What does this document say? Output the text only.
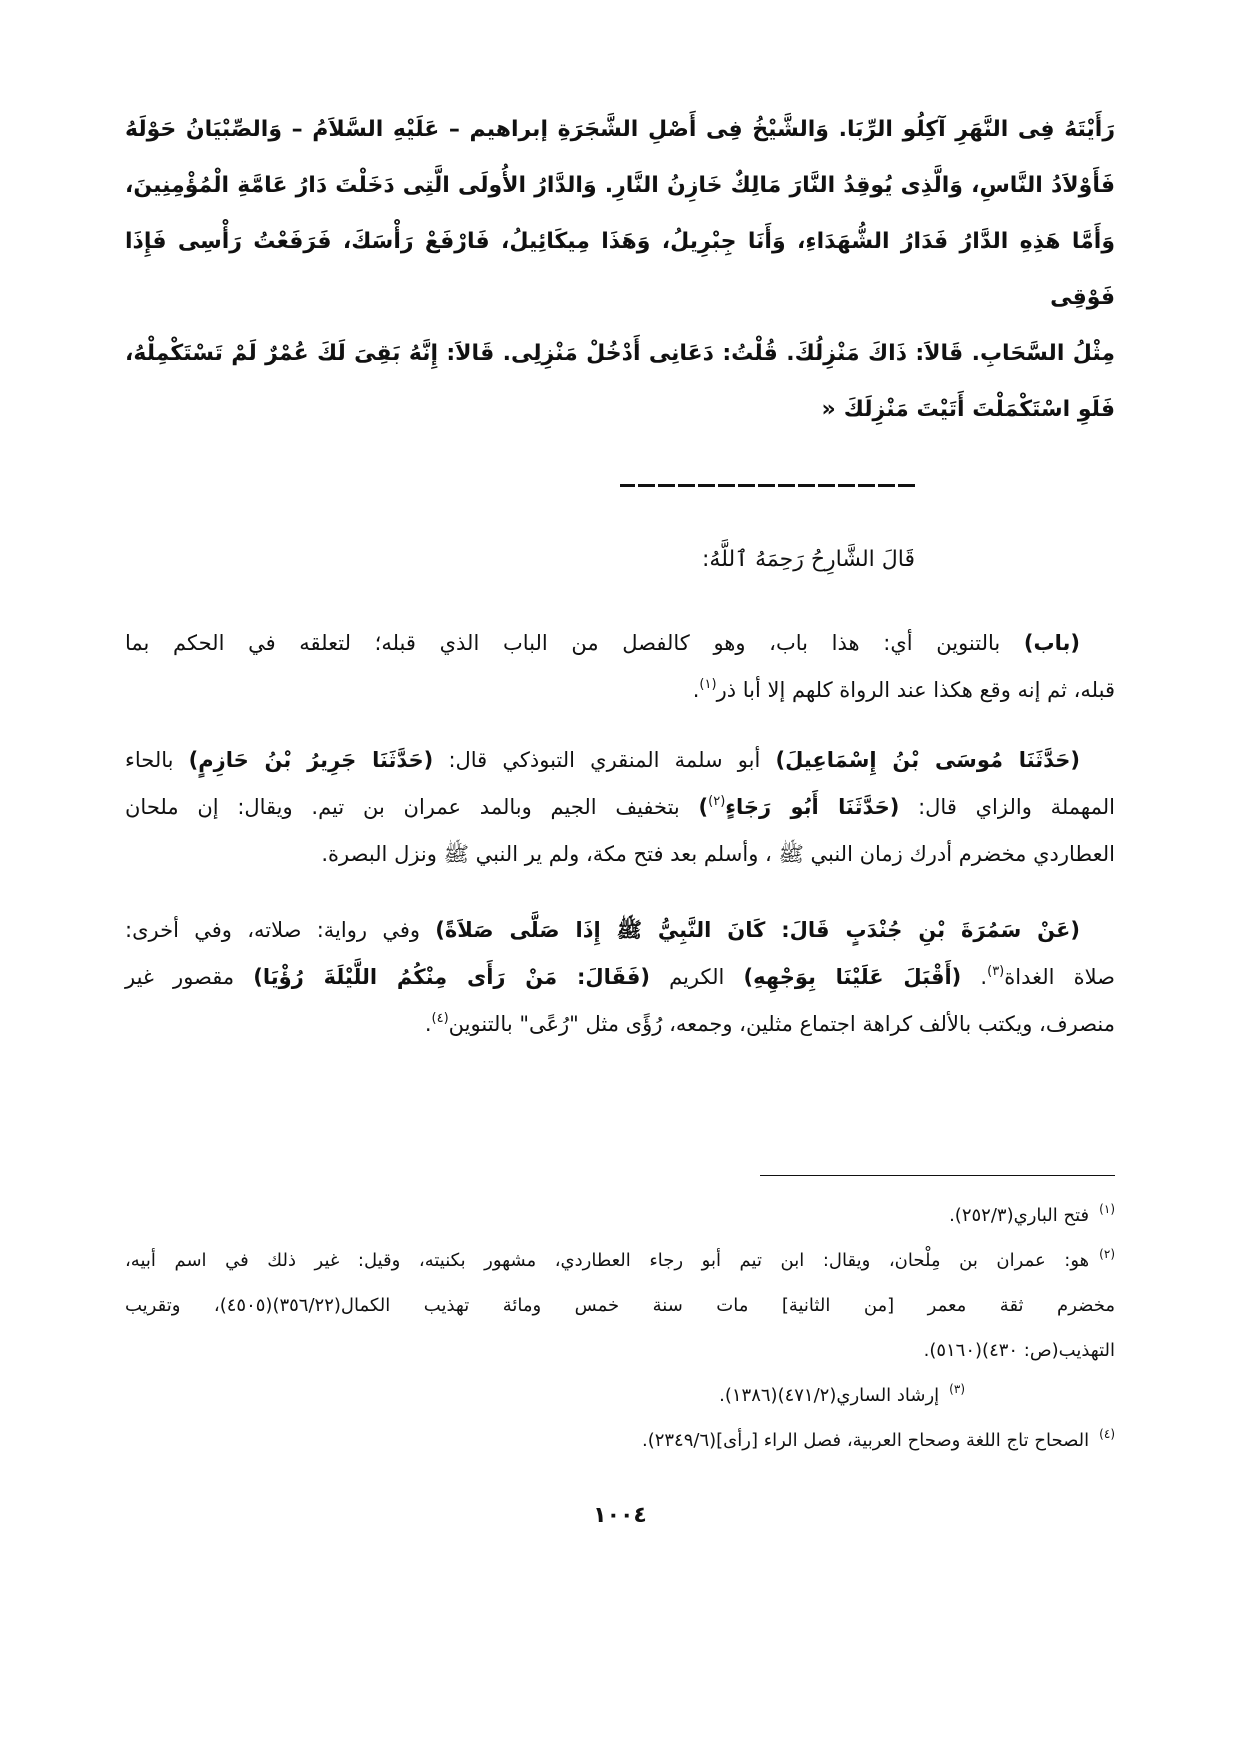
رَأَيْتَهُ فِى النَّهَرِ آكِلُو الرِّبَا. وَالشَّيْخُ فِى أَصْلِ الشَّجَرَةِ إبراهيم – عَلَيْهِ السَّلاَمُ – وَالصِّبْيَانُ حَوْلَهُ
فَأَوْلاَدُ النَّاسِ، وَالَّذِى يُوقِدُ النَّارَ مَالِكٌ خَازِنُ النَّارِ. وَالدَّارُ الأُولَى الَّتِى دَخَلْتَ دَارُ عَامَّةِ الْمُؤْمِنِينَ،
وَأَمَّا هَذِهِ الدَّارُ فَدَارُ الشُّهَدَاءِ، وَأَنَا جِبْرِيلُ، وَهَذَا مِيكَائِيلُ، فَارْفَعْ رَأْسَكَ، فَرَفَعْتُ رَأْسِى فَإِذَا فَوْقِى
مِثْلُ السَّحَابِ. قَالاَ: ذَاكَ مَنْزِلُكَ. قُلْتُ: دَعَانِى أَدْخُلْ مَنْزِلِى. قَالاَ: إِنَّهُ بَقِىَ لَكَ عُمْرٌ لَمْ تَسْتَكْمِلْهُ،
فَلَوِ اسْتَكْمَلْتَ أَتَيْتَ مَنْزِلَكَ»
قَالَ الشَّارِحُ رَحِمَهُ ٱللَّهُ:
(باب) بالتنوين أي: هذا باب، وهو كالفصل من الباب الذي قبله؛ لتعلقه في الحكم بما
قبله، ثم إنه وقع هكذا عند الرواة كلهم إلا أبا ذر$^{(١)}$.
(حَدَّثَنَا مُوسَى بْنُ إِسْمَاعِيلَ) أبو سلمة المنقري التبوذكي قال: (حَدَّثَنَا جَرِيرُ بْنُ حَازِمٍ) بالحاء
المهملة والزاي قال: (حَدَّثَنَا أَبُو رَجَاءٍ$^{(٢)}$) بتخفيف الجيم وبالمد عمران بن تيم. ويقال: إن ملحان
العطاردي مخضرم أدرك زمان النبي ﷺ ، وأسلم بعد فتح مكة، ولم ير النبي ﷺ ونزل البصرة.
(عَنْ سَمُرَةَ بْنِ جُنْدَبٍ قَالَ: كَانَ النَّبِيُّ ﷺ إِذَا صَلَّى صَلاَةً) وفي رواية: صلاته، وفي أخرى:
صلاة الغداة$^{(٣)}$. (أَقْبَلَ عَلَيْنَا بِوَجْهِهِ) الكريم (فَقَالَ: مَنْ رَأَى مِنْكُمُ اللَّيْلَةَ رُؤْيَا) مقصور غير
منصرف، ويكتب بالألف كراهة اجتماع مثلين، وجمعه، رُؤًى مثل "رُعًى" بالتنوين$^{(٤)}$.
$^{(١)}$فتح الباري(٢٥٢/٣).
$^{(٢)}$هو: عمران بن مِلْحان، ويقال: ابن تيم أبو رجاء العطاردي، مشهور بكنيته، وقيل: غير ذلك في اسم أبيه،
مخضرم ثقة معمر [من الثانية] مات سنة خمس ومائة تهذيب الكمال(٣٥٦/٢٢)(٤٥٠٥)، وتقريب
التهذيب(ص: ٤٣٠)(٥١٦٠).
$^{(٣)}$إرشاد الساري(٤٧١/٢)(١٣٨٦).
$^{(٤)}$الصحاح تاج اللغة وصحاح العربية، فصل الراء [رأى](٢٣٤٩/٦).
١٠٠٤
